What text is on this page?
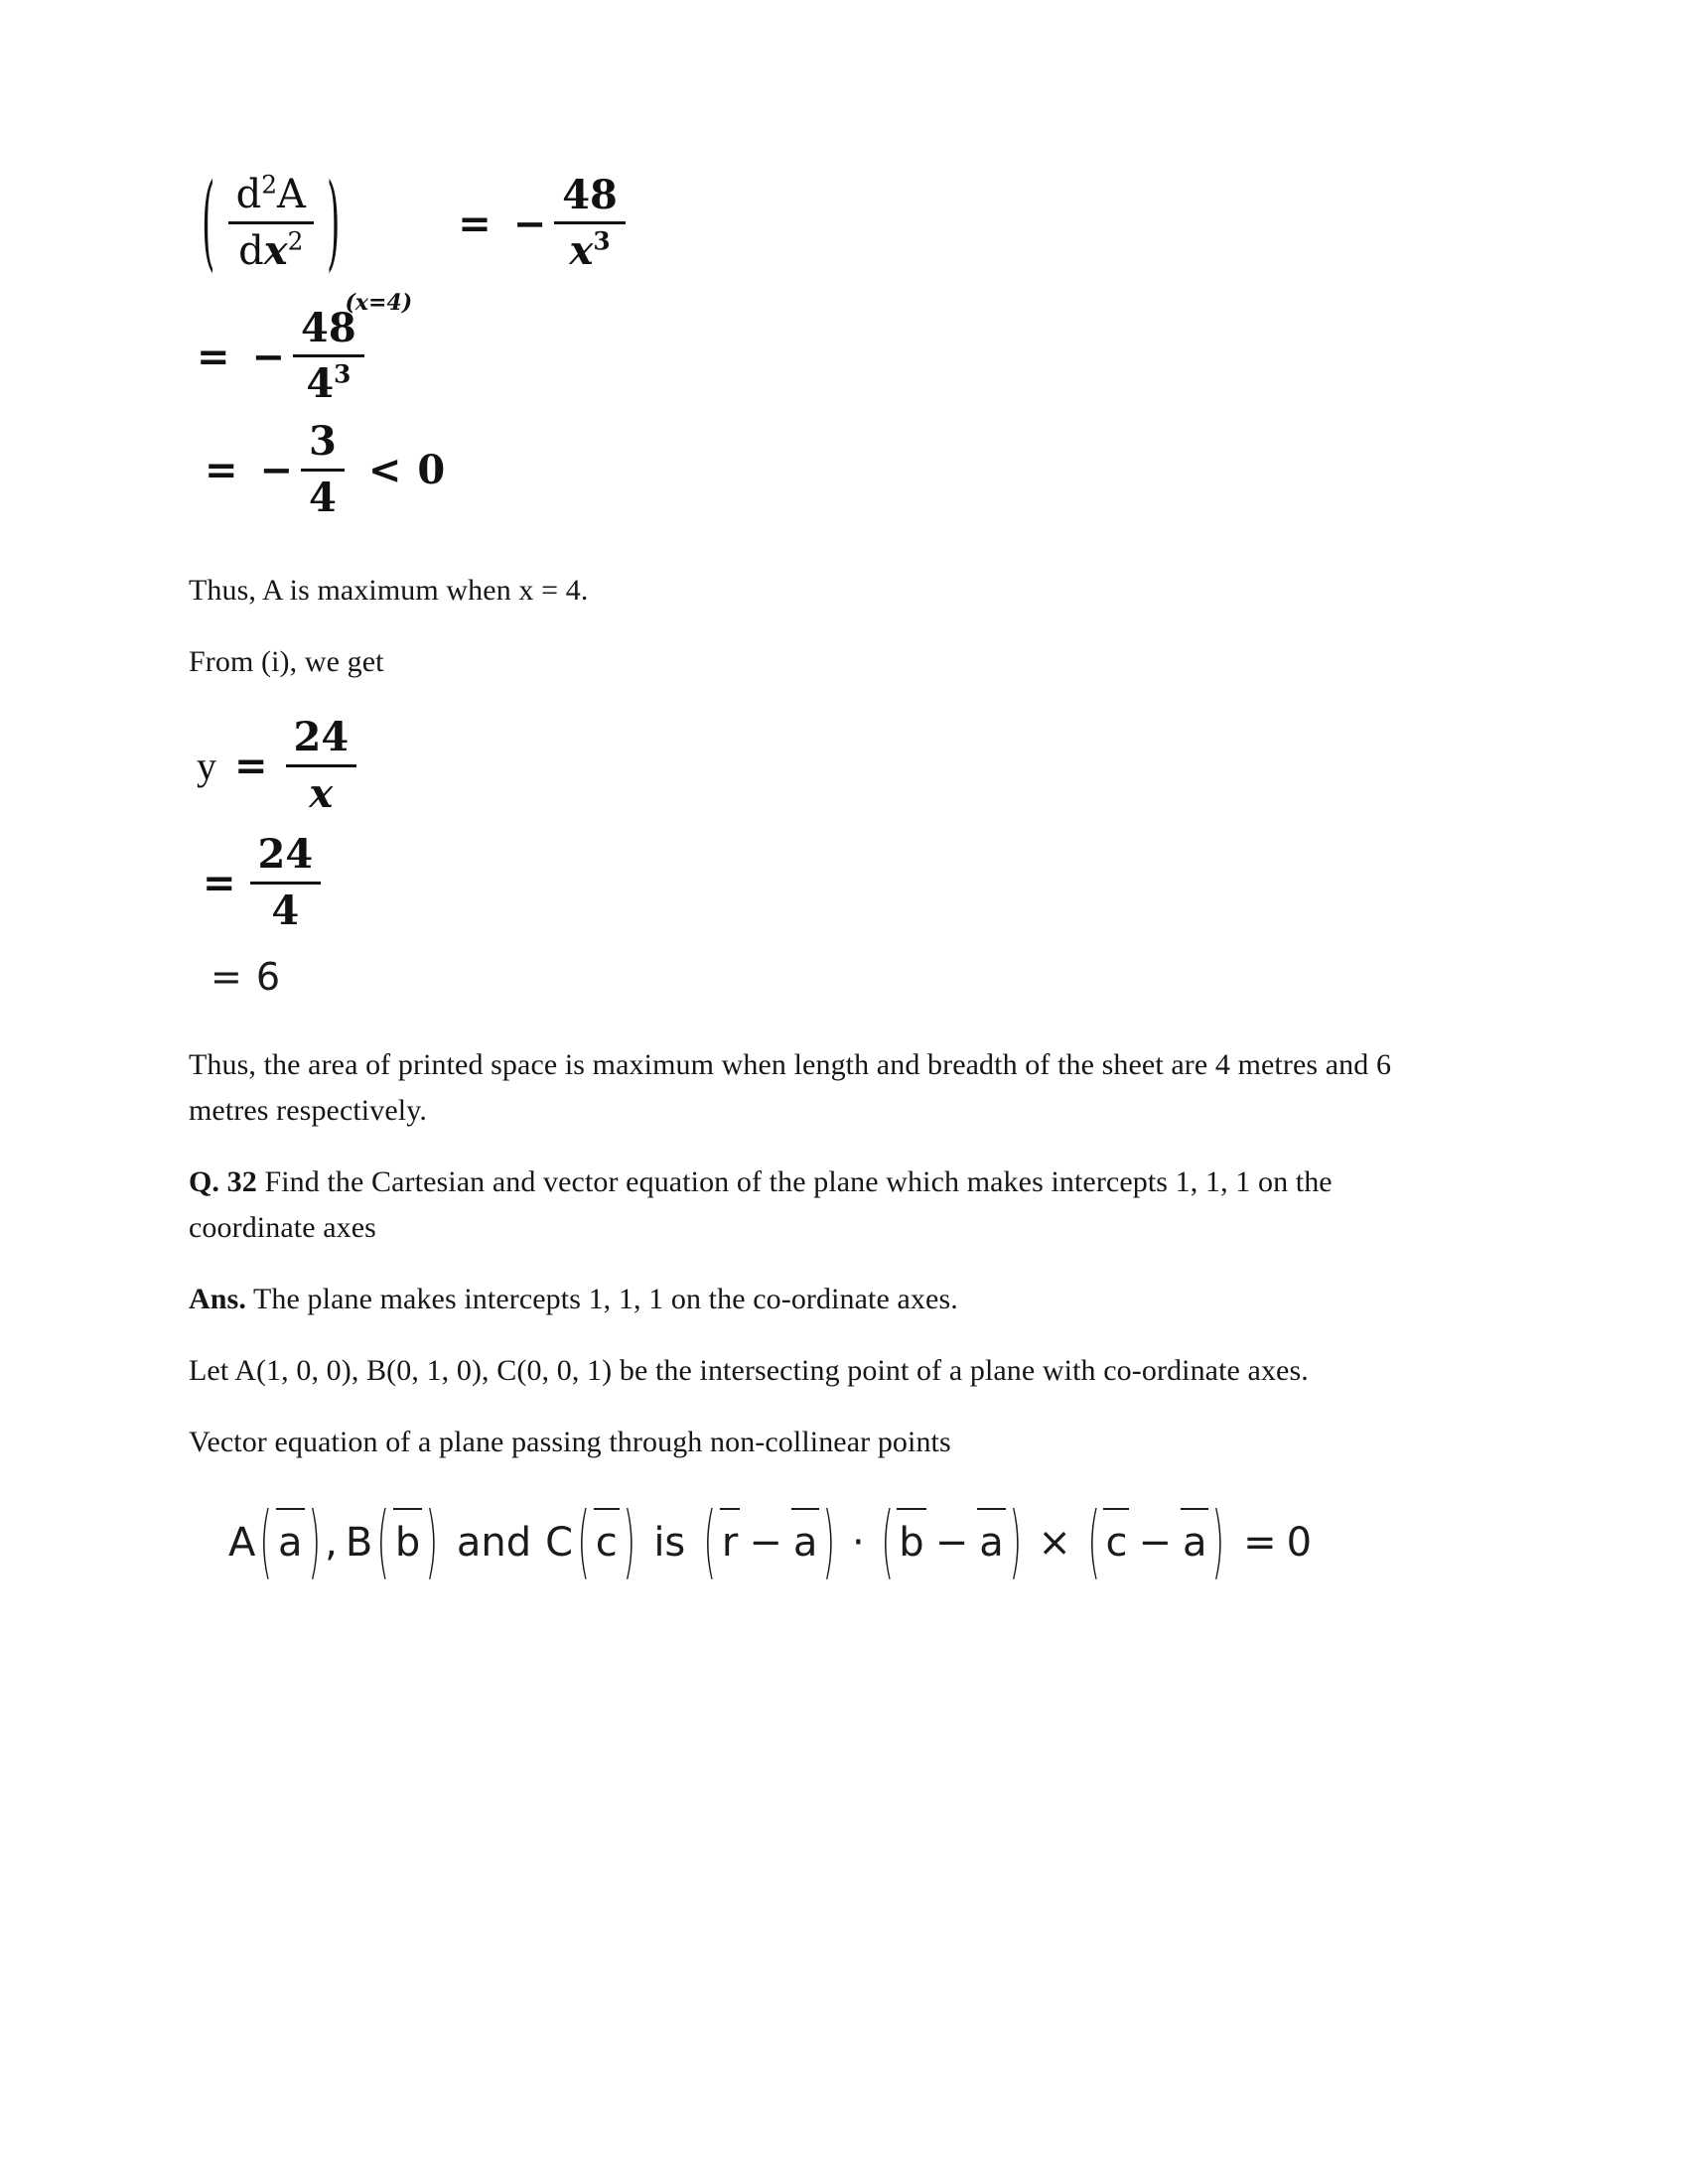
( $\frac{d^2A}{dx^2}$ )
(x=4)
= − $\frac{48}{x^3}$
= − $\frac{48}{4^3}$
= − $\frac{3}{4} < 0$

Thus, A is maximum when x = 4.

From (i), we get

$y = \frac{24}{x}$
= $\frac{24}{4}$
= 6

Thus, the area of printed space is maximum when length and breadth of the sheet are 4 metres and 6 metres respectively.

Q. 32 Find the Cartesian and vector equation of the plane which makes intercepts 1, 1, 1 on the coordinate axes

Ans. The plane makes intercepts 1, 1, 1 on the co-ordinate axes.

Let A(1, 0, 0), B(0, 1, 0), C(0, 0, 1) be the intersecting point of a plane with co-ordinate axes.

Vector equation of a plane passing through non-collinear points

A ( a ) , B ( b ) and C ( c ) is ( r − a ) · ( b − a ) × ( c − a ) = 0
